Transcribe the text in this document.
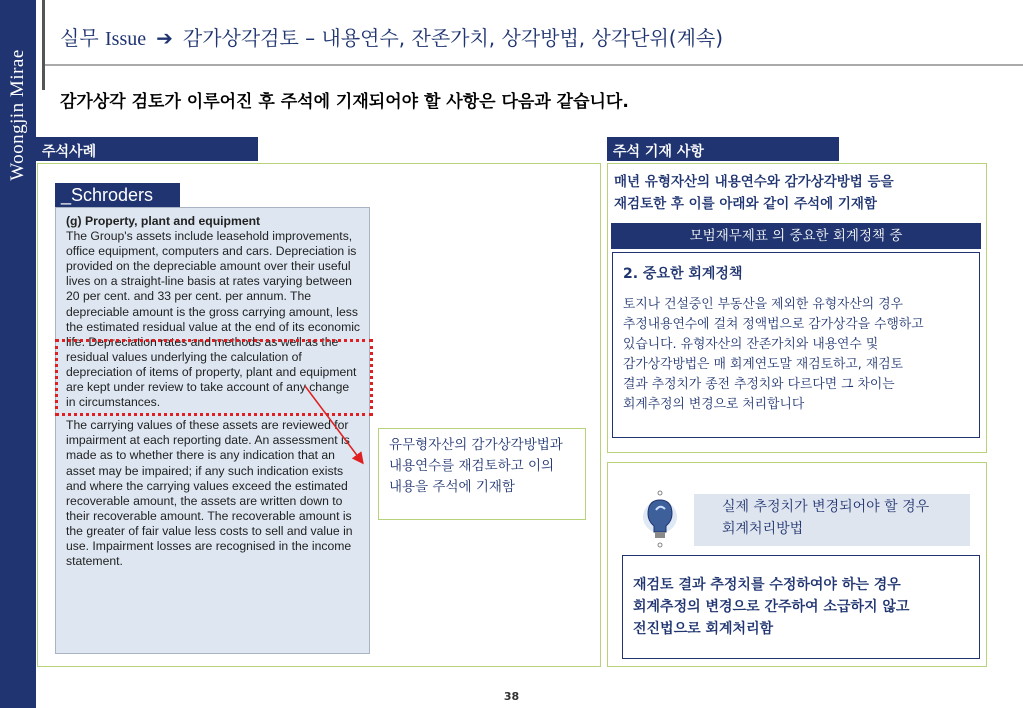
Woongjin Mirae
실무 Issue ➔ 감가상각검토 – 내용연수, 잔존가치, 상각방법, 상각단위(계속)
감가상각 검토가 이루어진 후 주석에 기재되어야 할 사항은 다음과 같습니다.
주석사례	주석 기재 사항
_Schroders

(g) Property, plant and equipment
The Group's assets include leasehold improvements, office equipment, computers and cars. Depreciation is provided on the depreciable amount over their useful lives on a straight-line basis at rates varying between 20 per cent. and 33 per cent. per annum. The depreciable amount is the gross carrying amount, less the estimated residual value at the end of its economic life. Depreciation rates and methods as well as the residual values underlying the calculation of depreciation of items of property, plant and equipment are kept under review to take account of any change in circumstances.

The carrying values of these assets are reviewed for impairment at each reporting date. An assessment is made as to whether there is any indication that an asset may be impaired; if any such indication exists and where the carrying values exceed the estimated recoverable amount, the assets are written down to their recoverable amount. The recoverable amount is the greater of fair value less costs to sell and value in use. Impairment losses are recognised in the income statement.

유무형자산의 감가상각방법과
내용연수를 재검토하고 이의
내용을 주석에 기재함
매년 유형자산의 내용연수와 감가상각방법 등을
재검토한 후 이를 아래와 같이 주석에 기재함
모범재무제표 의 중요한 회계정책 중
2. 중요한 회계정책
토지나 건설중인 부동산을 제외한 유형자산의 경우
추정내용연수에 걸쳐 정액법으로 감가상각을 수행하고
있습니다. 유형자산의 잔존가치와 내용연수 및
감가상각방법은 매 회계연도말 재검토하고, 재검토
결과 추정치가 종전 추정치와 다르다면 그 차이는
회계추정의 변경으로 처리합니다
실제 추정치가 변경되어야 할 경우
회계처리방법
재검토 결과 추정치를 수정하여야 하는 경우
회계추정의 변경으로 간주하여 소급하지 않고
전진법으로 회계처리함
38
